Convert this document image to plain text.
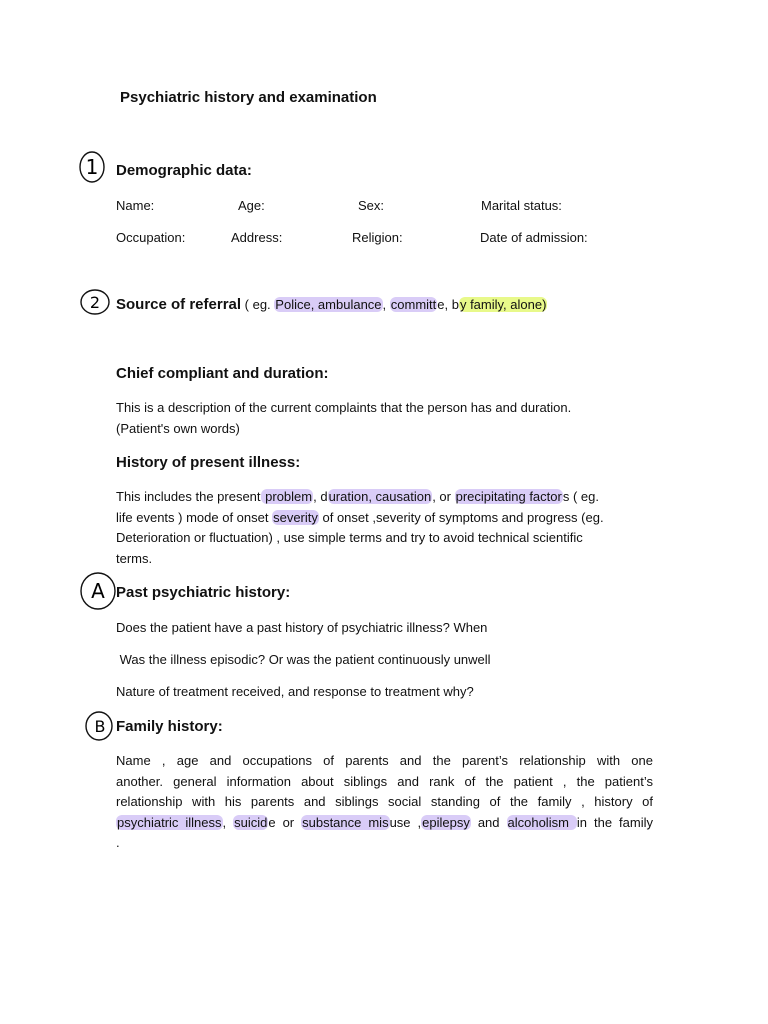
Psychiatric history and examination
1 Demographic data:
Name:	Age:	Sex:	Marital status:
Occupation:	Address:	Religion:	Date of admission:
2 Source of referral ( eg. Police, ambulance, committe, by family, alone)
Chief compliant and duration:
This is a description of the current complaints that the person has and duration.
(Patient's own words)
History of present illness:
This includes the present problem, duration, causation, or precipitating factors ( eg.
life events ) mode of onset severity of onset ,severity of symptoms and progress (eg.
Deterioration or fluctuation) , use simple terms and try to avoid technical scientific
terms.
A Past psychiatric history:
Does the patient have a past history of psychiatric illness? When
Was the illness episodic? Or was the patient continuously unwell
Nature of treatment received, and response to treatment why?
B Family history:
Name , age and occupations of parents and the parent’s relationship with one
another. general information about siblings and rank of the patient , the patient’s
relationship with his parents and siblings social standing of the family , history of
psychiatric illness, suicide or substance misuse ,epilepsy and alcoholism in the family
.
